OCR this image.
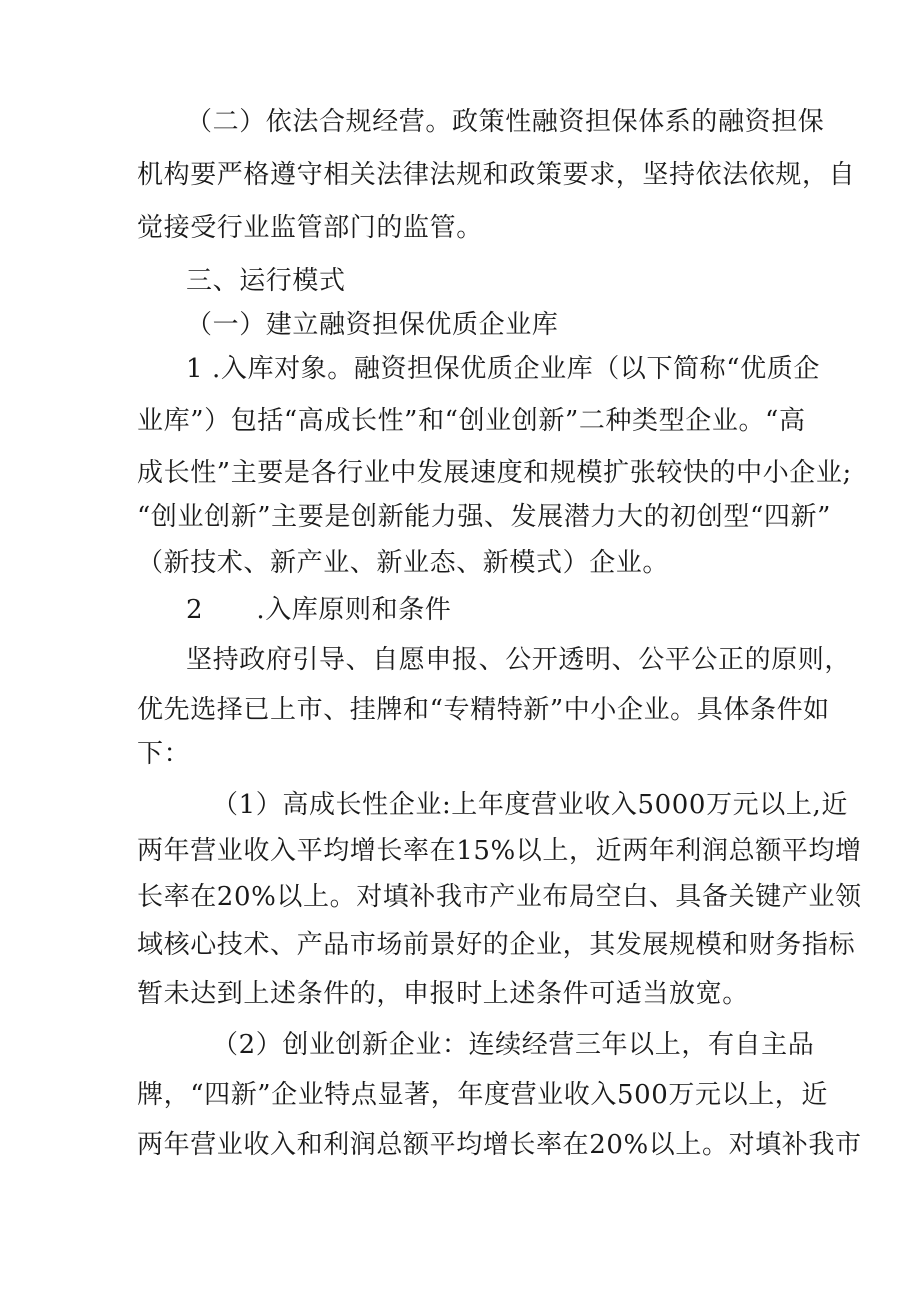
（二）依法合规经营。政策性融资担保体系的融资担保
机构要严格遵守相关法律法规和政策要求，坚持依法依规，自
觉接受行业监管部门的监管。
三、运行模式
（一）建立融资担保优质企业库
1 .入库对象。融资担保优质企业库（以下简称“优质企
业库”）包括“高成长性”和“创业创新”二种类型企业。“高
成长性”主要是各行业中发展速度和规模扩张较快的中小企业;
“创业创新”主要是创新能力强、发展潜力大的初创型“四新”
（新技术、新产业、新业态、新模式）企业。
2      .入库原则和条件
坚持政府引导、自愿申报、公开透明、公平公正的原则，
优先选择已上市、挂牌和“专精特新”中小企业。具体条件如
下：
（1）高成长性企业:上年度营业收入5000万元以上,近
两年营业收入平均增长率在15%以上，近两年利润总额平均增
长率在20%以上。对填补我市产业布局空白、具备关键产业领
域核心技术、产品市场前景好的企业，其发展规模和财务指标
暂未达到上述条件的，申报时上述条件可适当放宽。
（2）创业创新企业：连续经营三年以上，有自主品
牌，“四新”企业特点显著，年度营业收入500万元以上，近
两年营业收入和利润总额平均增长率在20%以上。对填补我市
